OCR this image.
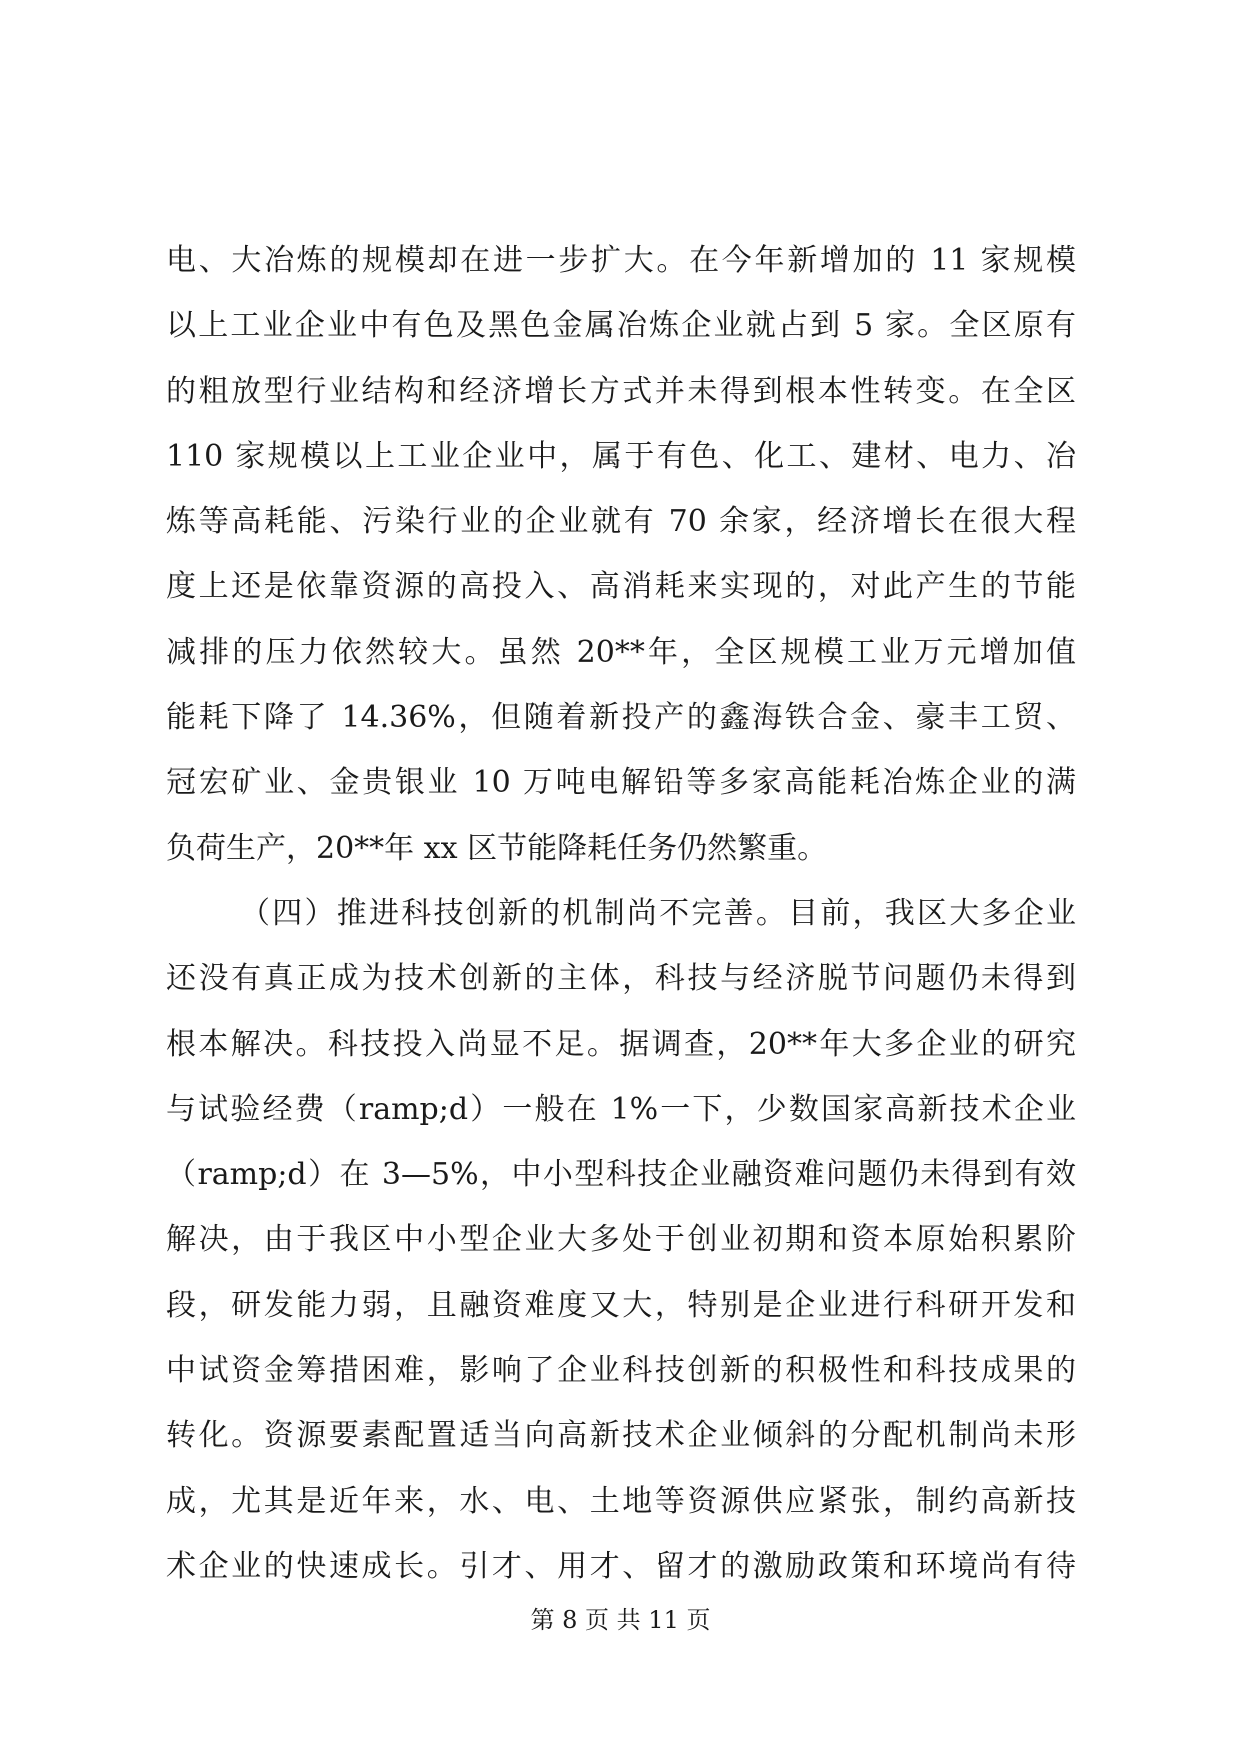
电、大冶炼的规模却在进一步扩大。在今年新增加的 11 家规模
以上工业企业中有色及黑色金属冶炼企业就占到 5 家。全区原有
的粗放型行业结构和经济增长方式并未得到根本性转变。在全区
110 家规模以上工业企业中，属于有色、化工、建材、电力、冶
炼等高耗能、污染行业的企业就有 70 余家，经济增长在很大程
度上还是依靠资源的高投入、高消耗来实现的，对此产生的节能
减排的压力依然较大。虽然 20**年，全区规模工业万元增加值
能耗下降了 14.36%，但随着新投产的鑫海铁合金、豪丰工贸、
冠宏矿业、金贵银业 10 万吨电解铅等多家高能耗冶炼企业的满
负荷生产，20**年 xx 区节能降耗任务仍然繁重。
（四）推进科技创新的机制尚不完善。目前，我区大多企业
还没有真正成为技术创新的主体，科技与经济脱节问题仍未得到
根本解决。科技投入尚显不足。据调查，20**年大多企业的研究
与试验经费（ramp;d）一般在 1%一下，少数国家高新技术企业
（ramp;d）在 3—5%，中小型科技企业融资难问题仍未得到有效
解决，由于我区中小型企业大多处于创业初期和资本原始积累阶
段，研发能力弱，且融资难度又大，特别是企业进行科研开发和
中试资金筹措困难，影响了企业科技创新的积极性和科技成果的
转化。资源要素配置适当向高新技术企业倾斜的分配机制尚未形
成，尤其是近年来，水、电、土地等资源供应紧张，制约高新技
术企业的快速成长。引才、用才、留才的激励政策和环境尚有待
第 8 页 共 11 页
